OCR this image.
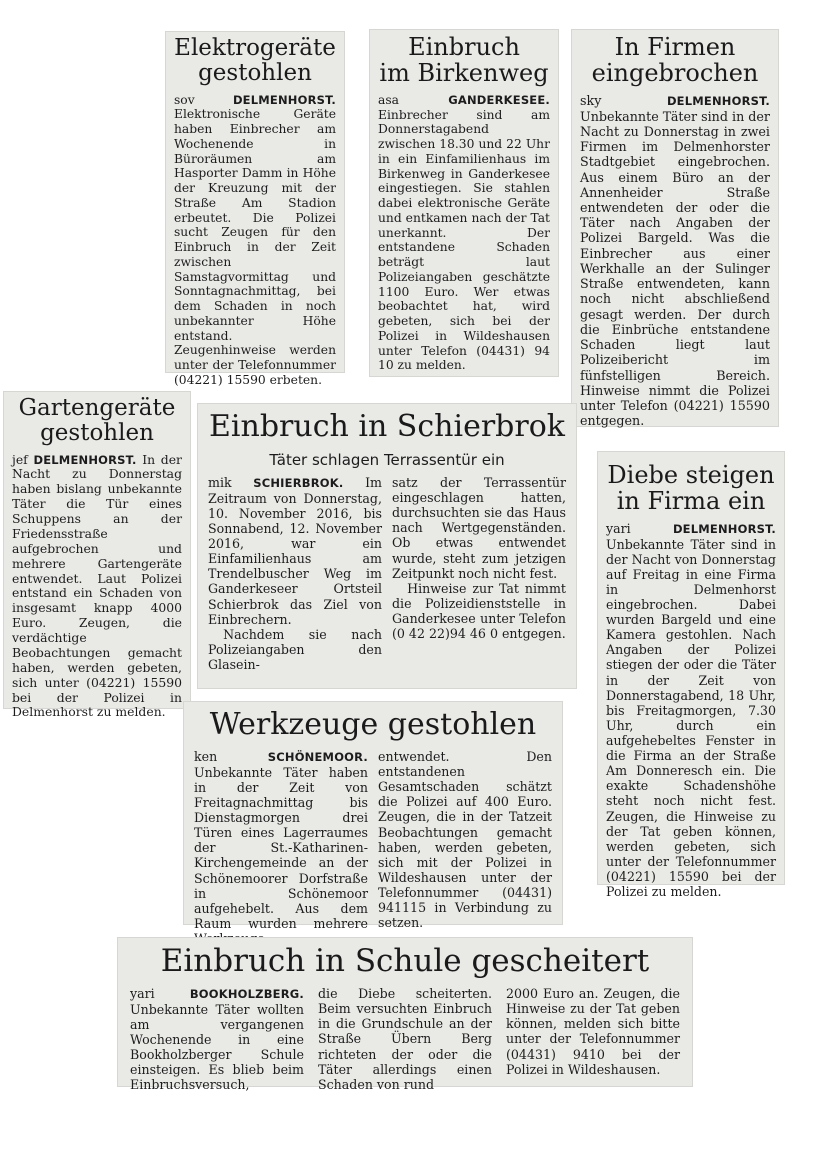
Elektrogeräte
gestohlen

sov	DELMENHORST. Elektronische Geräte haben Einbrecher am Wochenende in Büroräumen am Hasporter Damm in Höhe der Kreuzung mit der Straße Am Stadion erbeutet. Die Polizei sucht Zeugen für den Einbruch in der Zeit zwischen Samstagvormittag und Sonntagnachmittag, bei dem Schaden in noch unbekannter Höhe entstand. Zeugenhinweise werden unter der Telefonnummer (04221) 15590 erbeten.

Einbruch
im Birkenweg

asa	GANDERKESEE. Einbrecher sind am Donnerstagabend zwischen 18.30 und 22 Uhr in ein Einfamilienhaus im Birkenweg in Ganderkesee eingestiegen. Sie stahlen dabei elektronische Geräte und entkamen nach der Tat unerkannt. Der entstandene Schaden beträgt laut Polizeiangaben geschätzte 1100 Euro. Wer etwas beobachtet hat, wird gebeten, sich bei der Polizei in Wildeshausen unter Telefon (04431) 94 10 zu melden.

In Firmen
eingebrochen

sky	DELMENHORST. Unbekannte Täter sind in der Nacht zu Donnerstag in zwei Firmen im Delmenhorster Stadtgebiet eingebrochen. Aus einem Büro an der Annenheider Straße entwendeten der oder die Täter nach Angaben der Polizei Bargeld. Was die Einbrecher aus einer Werkhalle an der Sulinger Straße entwendeten, kann noch nicht abschließend gesagt werden. Der durch die Einbrüche entstandene Schaden liegt laut Polizeibericht im fünfstelligen Bereich. Hinweise nimmt die Polizei unter Telefon (04221) 15590 entgegen.

Gartengeräte
gestohlen

jef DELMENHORST. In der Nacht zu Donnerstag haben bislang unbekannte Täter die Tür eines Schuppens an der Friedensstraße aufgebrochen und mehrere Gartengeräte entwendet. Laut Polizei entstand ein Schaden von insgesamt knapp 4000 Euro. Zeugen, die verdächtige Beobachtungen gemacht haben, werden gebeten, sich unter (04221) 15590 bei der Polizei in Delmenhorst zu melden.

Einbruch in Schierbrok

Täter schlagen Terrassentür ein

mik SCHIERBROK. Im Zeitraum von Donnerstag, 10. November 2016, bis Sonnabend, 12. November 2016, war ein Einfamilienhaus am Trendelbuscher Weg im Ganderkeseer Ortsteil Schierbrok das Ziel von Einbrechern.

Nachdem sie nach Polizeiangaben den Glasein-

satz der Terrassentür eingeschlagen hatten, durchsuchten sie das Haus nach Wertgegenständen. Ob etwas entwendet wurde, steht zum jetzigen Zeitpunkt noch nicht fest.

Hinweise zur Tat nimmt die Polizeidienststelle in Ganderkesee unter Telefon (0 42 22)94 46 0 entgegen.

Diebe steigen
in Firma ein

yari	DELMENHORST. Unbekannte Täter sind in der Nacht von Donnerstag auf Freitag in eine Firma in Delmenhorst eingebrochen. Dabei wurden Bargeld und eine Kamera gestohlen. Nach Angaben der Polizei stiegen der oder die Täter in der Zeit von Donnerstagabend, 18 Uhr, bis Freitagmorgen, 7.30 Uhr, durch ein aufgehebeltes Fenster in die Firma an der Straße Am Donneresch ein. Die exakte Schadenshöhe steht noch nicht fest. Zeugen, die Hinweise zu der Tat geben können, werden gebeten, sich unter der Telefonnummer (04221) 15590 bei der Polizei zu melden.

Werkzeuge gestohlen

ken	SCHÖNEMOOR. Unbekannte Täter haben in der Zeit von Freitagnachmittag bis Dienstagmorgen drei Türen eines Lagerraumes der St.-Katharinen-Kirchengemeinde an der Schönemoorer Dorfstraße in Schönemoor aufgehebelt. Aus dem Raum wurden mehrere

entwendet. Den entstandenen Gesamtschaden schätzt die Polizei auf 400 Euro. Zeugen, die in der Tatzeit Beobachtungen gemacht haben, werden gebeten, sich mit der Polizei in Wildeshausen unter der Telefonnummer (04431) 941115 in Verbindung zu setzen.

Einbruch in Schule gescheitert

yari	BOOKHOLZBERG. Unbekannte Täter wollten am vergangenen Wochenende in eine Bookholzberger Schule einsteigen. Es blieb beim Einbruchsversuch,

die Diebe scheiterten. Beim versuchten Einbruch in die Grundschule an der Straße Übern Berg richteten der oder die Täter allerdings einen Schaden von rund

2000 Euro an. Zeugen, die Hinweise zu der Tat geben können, melden sich bitte unter der Telefonnummer (04431) 9410 bei der Polizei in Wildeshausen.
